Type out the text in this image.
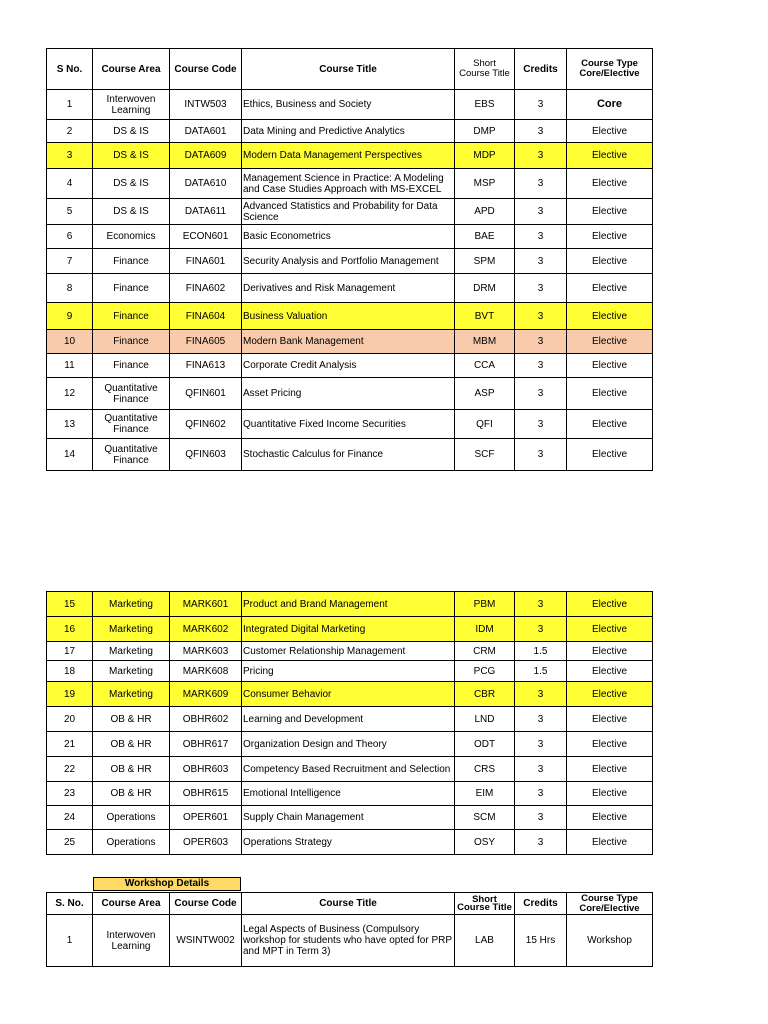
S No.	Course Area	Course Code	Course Title	Short Course Title	Credits	Course Type Core/Elective
1	Interwoven Learning	INTW503	Ethics, Business and Society	EBS	3	Core
2	DS & IS	DATA601	Data Mining and Predictive Analytics	DMP	3	Elective
3	DS & IS	DATA609	Modern Data Management Perspectives	MDP	3	Elective
4	DS & IS	DATA610	Management Science in Practice: A Modeling and Case Studies Approach with MS-EXCEL	MSP	3	Elective
5	DS & IS	DATA611	Advanced Statistics and Probability for Data Science	APD	3	Elective
6	Economics	ECON601	Basic Econometrics	BAE	3	Elective
7	Finance	FINA601	Security Analysis and Portfolio Management	SPM	3	Elective
8	Finance	FINA602	Derivatives and Risk Management	DRM	3	Elective
9	Finance	FINA604	Business Valuation	BVT	3	Elective
10	Finance	FINA605	Modern Bank Management	MBM	3	Elective
11	Finance	FINA613	Corporate Credit Analysis	CCA	3	Elective
12	Quantitative Finance	QFIN601	Asset Pricing	ASP	3	Elective
13	Quantitative Finance	QFIN602	Quantitative Fixed Income Securities	QFI	3	Elective
14	Quantitative Finance	QFIN603	Stochastic Calculus for Finance	SCF	3	Elective
15	Marketing	MARK601	Product and Brand Management	PBM	3	Elective
16	Marketing	MARK602	Integrated Digital Marketing	IDM	3	Elective
17	Marketing	MARK603	Customer Relationship Management	CRM	1.5	Elective
18	Marketing	MARK608	Pricing	PCG	1.5	Elective
19	Marketing	MARK609	Consumer Behavior	CBR	3	Elective
20	OB & HR	OBHR602	Learning and Development	LND	3	Elective
21	OB & HR	OBHR617	Organization Design and Theory	ODT	3	Elective
22	OB & HR	OBHR603	Competency Based Recruitment and Selection	CRS	3	Elective
23	OB & HR	OBHR615	Emotional Intelligence	EIM	3	Elective
24	Operations	OPER601	Supply Chain Management	SCM	3	Elective
25	Operations	OPER603	Operations Strategy	OSY	3	Elective
Workshop Details
S. No.	Course Area	Course Code	Course Title	Short Course Title	Credits	Course Type Core/Elective
1	Interwoven Learning	WSINTW002	Legal Aspects of Business (Compulsory workshop for students who have opted for PRP and MPT in Term 3)	LAB	15 Hrs	Workshop
